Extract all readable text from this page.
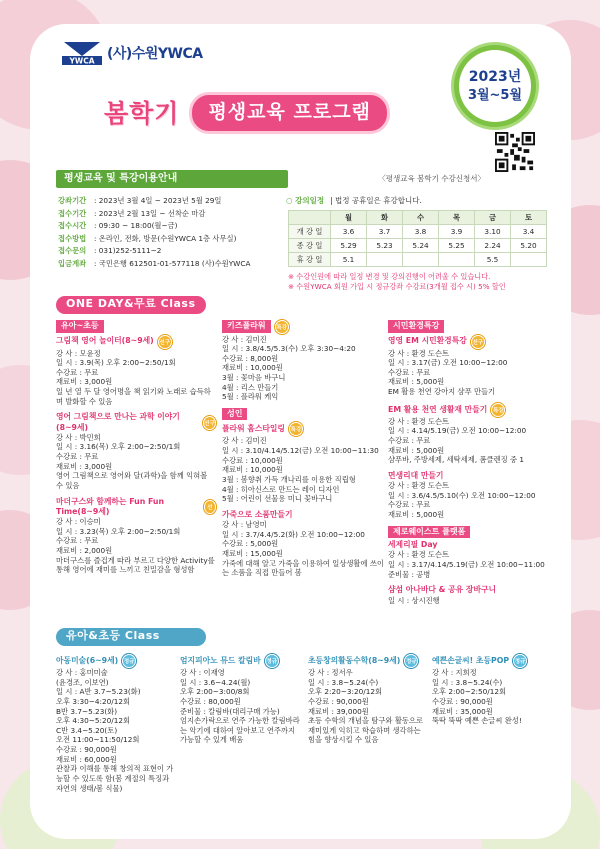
YWCA (사)수원YWCA
봄학기	평생교육 프로그램
2023년
3월~5월
평생교육 및 특강이용안내	〈평생교육 봄학기 수강신청서〉
강좌기간	: 2023년 3월 4일 ~ 2023년 5월 29일
접수기간	: 2023년 2월 13일 ~ 선착순 마감
접수시간	: 09:30 ~ 18:00(월~금)
접수방법	: 온라인, 전화, 방문(수원YWCA 1층 사무실)
접수문의	: 031)252-5111~2
입금계좌	: 국민은행 612501-01-577118 (사)수원YWCA
○ 강의일정 | 법정 공휴일은 휴강합니다.
	월	화	수	목	금	토
개 강 일	3.6	3.7	3.8	3.9	3.10	3.4
종 강 일	5.29	5.23	5.24	5.25	2.24	5.20
휴 강 일	5.1				5.5	
※ 수강인원에 따라 일정 변경 및 강의진행이 어려울 수 있습니다.
※ 수원YWCA 회원 가입 시 정규강좌 수강료(3개월 접수 시) 5% 할인
ONE DAY&무료 Class
유아~초등
그림책 영어 놀이터(8~9세)	선구
강 사 : 모윤정
일 시 : 3.9(목) 오후 2:00~2:50/1회
수강료 : 무료
재료비 : 3,000원
일 년 열 두 달 영어명을 책 읽기와 노래로 습득하며 발화할 수 있음
영어 그림책으로 만나는 과학 이야기(8~9세)	선구
강 사 : 박민희
일 시 : 3.16(목) 오후 2:00~2:50/1회
수강료 : 무료
재료비 : 3,000원
영어 그림책으로 영어와 달(과학)을 함께 익혀볼 수 있음
마더구스와 함께하는 Fun Fun Time(8~9세)	선구
강 사 : 이승미
일 시 : 3.23(목) 오후 2:00~2:50/1회
수강료 : 무료
재료비 : 2,000원
마더구스를 즐겁게 따라 부르고 다양한 Activity를 통해 영어에 재미를 느끼고 친밀감을 형성함
키즈플라워	특강
강 사 : 김미진
일 시 : 3.8/4.5/5.3(수) 오후 3:30~4:20
수강료 : 8,000원
재료비 : 10,000원
3월 : 꽃마음 바구니
4월 : 리스 만들기
5월 : 플라워 케익
성인
플라워 홈스타일링	특강
강 사 : 김미진
일 시 : 3.10/4.14/5.12(금) 오전 10:00~11:30
수강료 : 10,000원
재료비 : 10,000원
3월 : 봄향취 가득 개나리를 이용한 직립형
4월 : 히아신스로 만드는 레이 디자인
5월 : 어린이 선물용 미니 꽃바구니
가죽으로 소품만들기
강 사 : 남영미
일 시 : 3.7/4.4/5.2(화) 오전 10:00~12:00
수강료 : 5,000원
재료비 : 15,000원
가죽에 대해 알고 가죽을 이용하여 일상생활에 쓰이는 소품을 직접 만들어 봄
시민환경특강
영영 EM 시민환경특강	선구
강 사 : 환경 도슨트
일 시 : 3.17(금) 오전 10:00~12:00
수강료 : 무료
재료비 : 5,000원
EM 활용 천연 강아지 샴푸 만들기
EM 활용 천연 생활재 만들기	특강
강 사 : 환경 도슨트
일 시 : 4.14/5.19(금) 오전 10:00~12:00
수강료 : 무료
재료비 : 5,000원
샴푸바, 주방세제, 세탁세제, 폼클렌징 중 1
면생리대 만들기
강 사 : 환경 도슨트
일 시 : 3.6/4.5/5.10(수) 오전 10:00~12:00
수강료 : 무료
재료비 : 5,000원
제로웨이스트 플랫폼
세제리필 Day
강 사 : 환경 도슨트
일 시 : 3.17/4.14/5.19(금) 오전 10:00~11:00
준비물 : 공병
샴섬 아나바다 & 공유 장바구니
일 시 : 상시진행
유아&초등 Class
아동미술(6~9세)	정규
강 사 : 홍미미술
(윤경조, 이보연)
일 시 : A반 3.7~5.23(화)
오후 3:30~4:20/12회
B반 3.7~5.23(화)
오후 4:30~5:20/12회
C반 3.4~5.20(토)
오전 11:00~11:50/12회
수강료 : 90,000원
재료비 : 60,000원
관찰과 이해를 통해 창의적 표현이 가능할 수 있도록 함(봄 계절의 특징과 자연의 생태/봄 식물)
엄지피아노 뮤드 칼림바	정규
강 사 : 이재영
일 시 : 3.6~4.24(월)
오후 2:00~3:00/8회
수강료 : 80,000원
준비물 : 칼림바(대리구매 가능)
엄지손가락으로 연주 가능한 칼림바라는 악기에 대하여 알아보고 연주까지 가능할 수 있게 배움
초등창의활동수학(8~9세)	정규
강 사 : 정서우
일 시 : 3.8~5.24(수)
오후 2:20~3:20/12회
수강료 : 90,000원
재료비 : 39,000원
초등 수학의 개념을 탐구와 활동으로 재미있게 익히고 학습하며 생각하는 힘을 향상시킬 수 있음
예쁜손글씨! 초등POP	정규
강 사 : 지희정
일 시 : 3.8~5.24(수)
오후 2:00~2:50/12회
수강료 : 90,000원
재료비 : 35,000원
뚝딱 뚝딱 예쁜 손글씨 완성!
